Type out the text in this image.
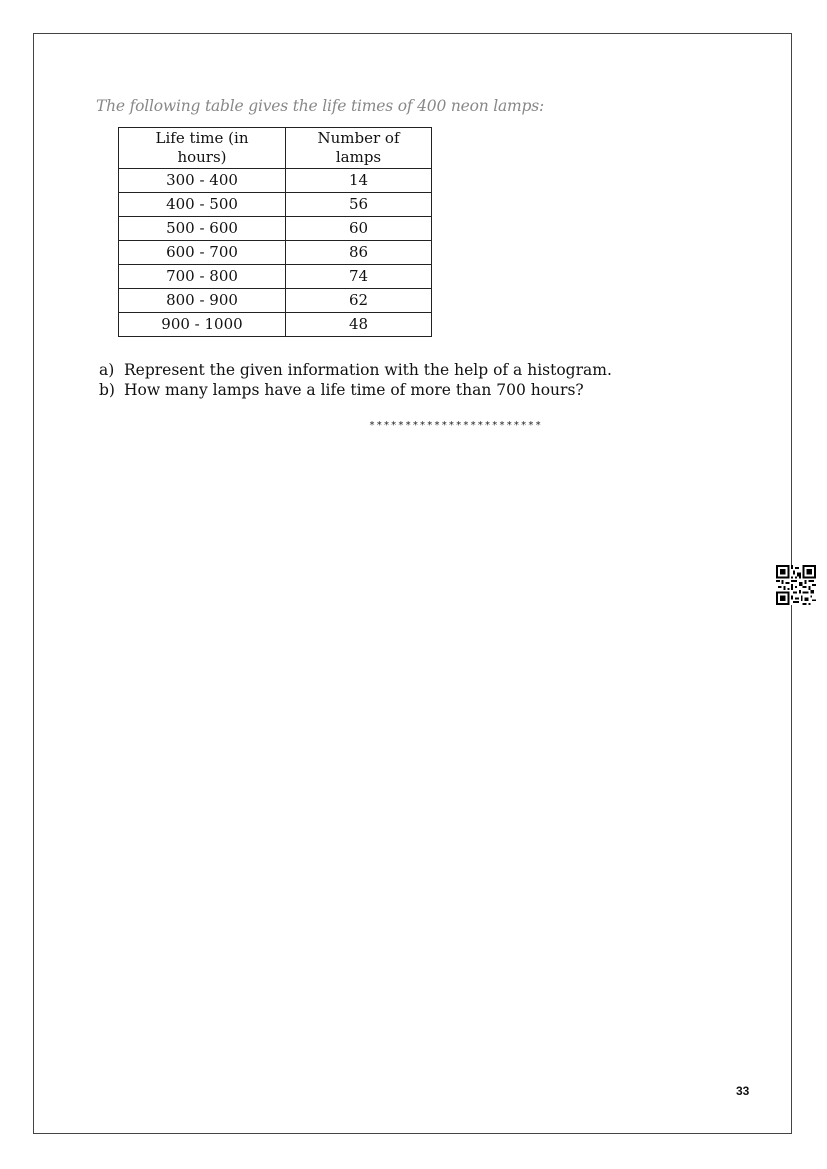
The following table gives the life times of 400 neon lamps:
Life time (in hours)	Number of lamps

300 - 400	14
400 - 500	56
500 - 600	60
600 - 700	86
700 - 800	74
800 - 900	62
900 - 1000	48
a) Represent the given information with the help of a histogram.
b) How many lamps have a life time of more than 700 hours?
************************
33
